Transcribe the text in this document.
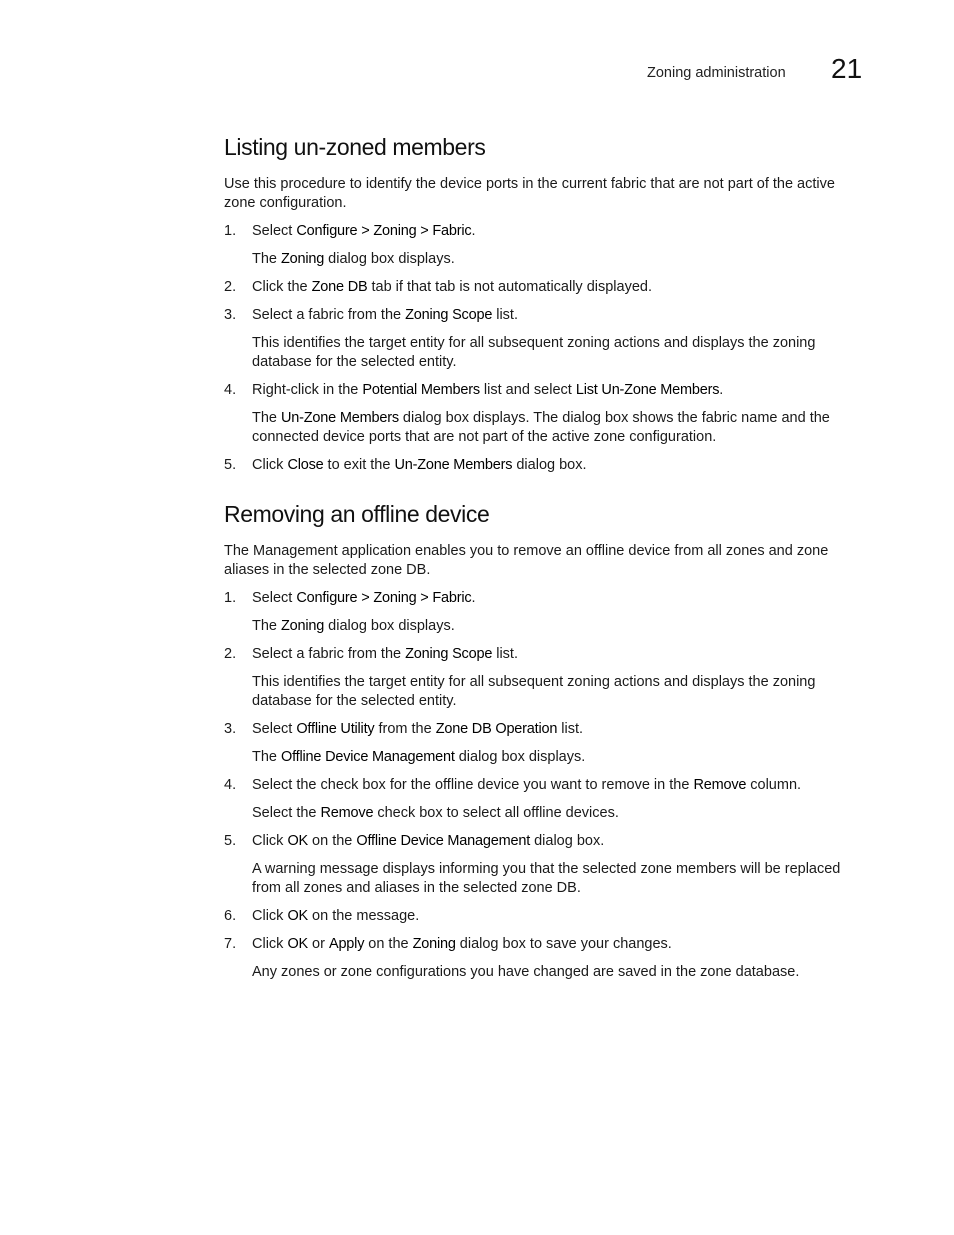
Zoning administration 21
Listing un-zoned members

Use this procedure to identify the device ports in the current fabric that are not part of the active zone configuration.

1.	Select Configure > Zoning > Fabric.

The Zoning dialog box displays.

2.	Click the Zone DB tab if that tab is not automatically displayed.
3.	Select a fabric from the Zoning Scope list.

This identifies the target entity for all subsequent zoning actions and displays the zoning database for the selected entity.

4.	Right-click in the Potential Members list and select List Un-Zone Members.

The Un-Zone Members dialog box displays. The dialog box shows the fabric name and the connected device ports that are not part of the active zone configuration.

5.	Click Close to exit the Un-Zone Members dialog box.
Removing an offline device

The Management application enables you to remove an offline device from all zones and zone aliases in the selected zone DB.

1.	Select Configure > Zoning > Fabric.

The Zoning dialog box displays.

2.	Select a fabric from the Zoning Scope list.

This identifies the target entity for all subsequent zoning actions and displays the zoning database for the selected entity.

3.	Select Offline Utility from the Zone DB Operation list.

The Offline Device Management dialog box displays.

4.	Select the check box for the offline device you want to remove in the Remove column.

Select the Remove check box to select all offline devices.

5.	Click OK on the Offline Device Management dialog box.

A warning message displays informing you that the selected zone members will be replaced from all zones and aliases in the selected zone DB.

6.	Click OK on the message.
7.	Click OK or Apply on the Zoning dialog box to save your changes.

Any zones or zone configurations you have changed are saved in the zone database.
